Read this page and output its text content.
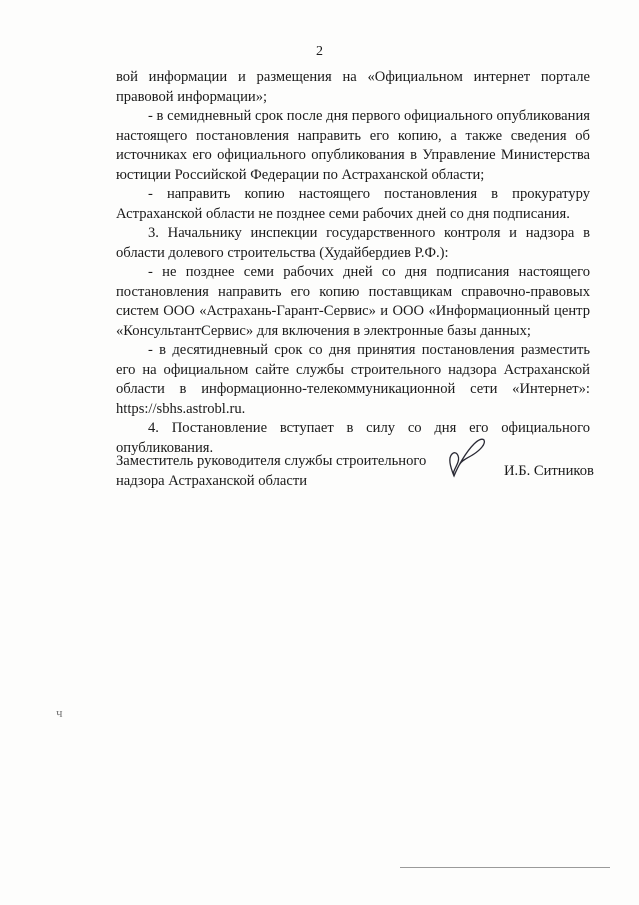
2

вой информации и размещения на «Официальном интернет портале правовой информации»;

- в семидневный срок после дня первого официального опубликования настоящего постановления направить его копию, а также сведения об источниках его официального опубликования в Управление Министерства юстиции Российской Федерации по Астраханской области;

- направить копию настоящего постановления в прокуратуру Астраханской области не позднее семи рабочих дней со дня подписания.

3. Начальнику инспекции государственного контроля и надзора в области долевого строительства (Худайбердиев Р.Ф.):

- не позднее семи рабочих дней со дня подписания настоящего постановления направить его копию поставщикам справочно-правовых систем ООО «Астрахань-Гарант-Сервис» и ООО «Информационный центр «КонсультантСервис» для включения в электронные базы данных;

- в десятидневный срок со дня принятия постановления разместить его на официальном сайте службы строительного надзора Астраханской области в информационно-телекоммуникационной сети «Интернет»: https://sbhs.astrobl.ru.

4. Постановление вступает в силу со дня его официального опубликования.

Заместитель руководителя службы строительного надзора Астраханской области
И.Б. Ситников
ч
